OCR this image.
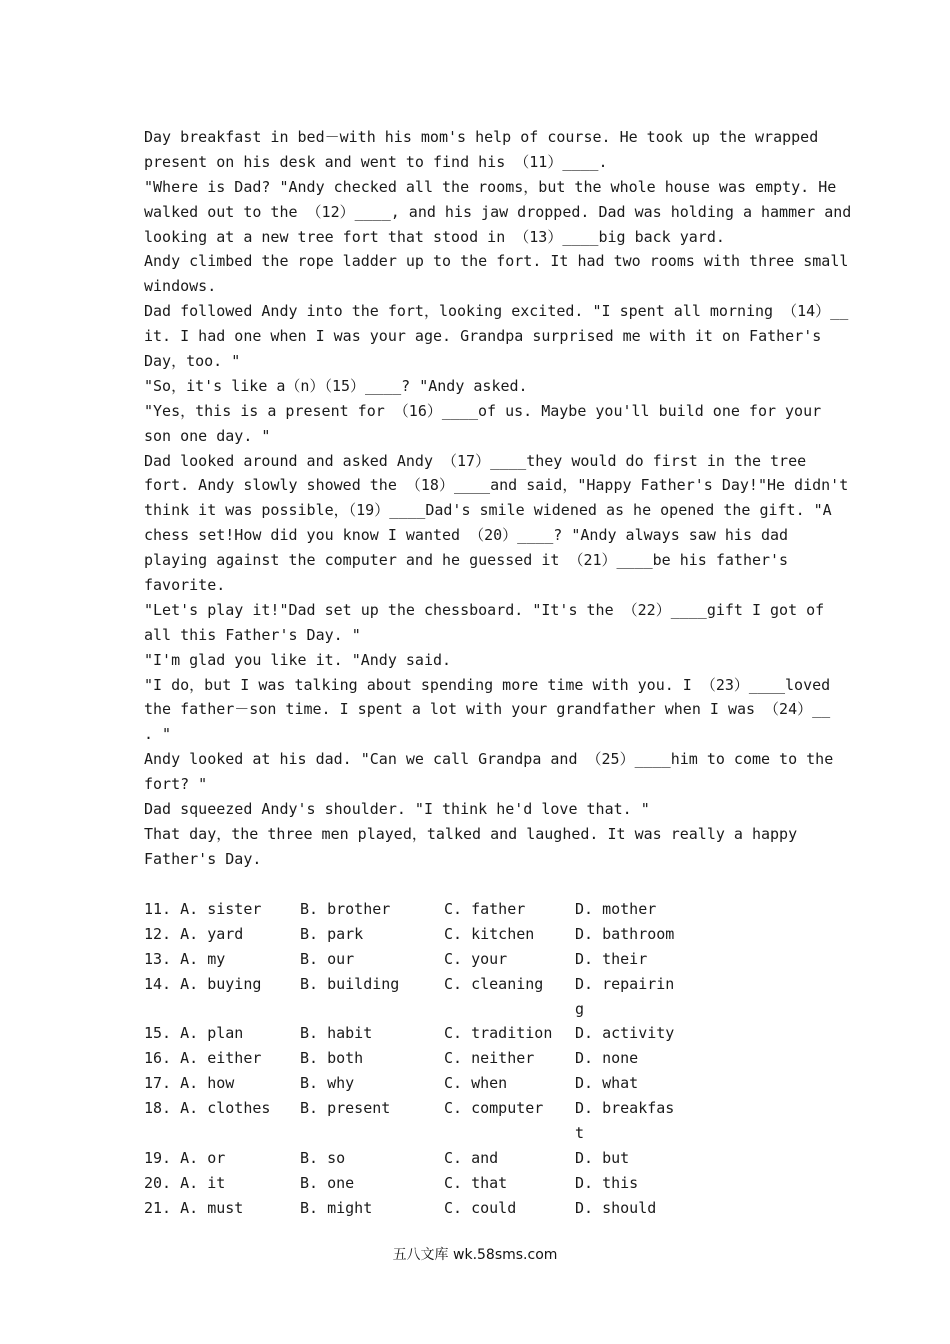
Day breakfast in bed－with his mom's help of course. He took up the wrapped
present on his desk and went to find his （11）____.
"Where is Dad? "Andy checked all the rooms，but the whole house was empty. He
walked out to the （12）____, and his jaw dropped. Dad was holding a hammer and
looking at a new tree fort that stood in （13）____big back yard.
Andy climbed the rope ladder up to the fort. It had two rooms with three small
windows.
Dad followed Andy into the fort，looking excited. "I spent all morning （14）__
it. I had one when I was your age. Grandpa surprised me with it on Father's
Day，too. "
"So，it's like a（n）（15）____? "Andy asked.
"Yes，this is a present for （16）____of us. Maybe you'll build one for your
son one day. "
Dad looked around and asked Andy （17）____they would do first in the tree
fort. Andy slowly showed the （18）____and said，"Happy Father's Day!"He didn't
think it was possible，（19）____Dad's smile widened as he opened the gift. "A
chess set!How did you know I wanted （20）____? "Andy always saw his dad
playing against the computer and he guessed it （21）____be his father's
favorite.
"Let's play it!"Dad set up the chessboard. "It's the （22）____gift I got of
all this Father's Day. "
"I'm glad you like it. "Andy said.
"I do，but I was talking about spending more time with you. I （23）____loved
the father－son time. I spent a lot with your grandfather when I was （24）__
. "
Andy looked at his dad. "Can we call Grandpa and （25）____him to come to the
fort? "
Dad squeezed Andy's shoulder. "I think he'd love that. "
That day，the three men played，talked and laughed. It was really a happy
Father's Day.
11. A. sister	B. brother	C. father	D. mother
12. A. yard	B. park	C. kitchen	D. bathroom
13. A. my	B. our	C. your	D. their
14. A. buying	B. building	C. cleaning D. repairin
g
15. A. plan	B. habit	C. tradition D. activity
16. A. either	B. both	C. neither	D. none
17. A. how	B. why	C. when	D. what
18. A. clothes B. present	C. computer D. breakfas
t
19. A. or	B. so	C. and	D. but
20. A. it	B. one	C. that	D. this
21. A. must	B. might	C. could	D. should
五八文库 wk.58sms.com
